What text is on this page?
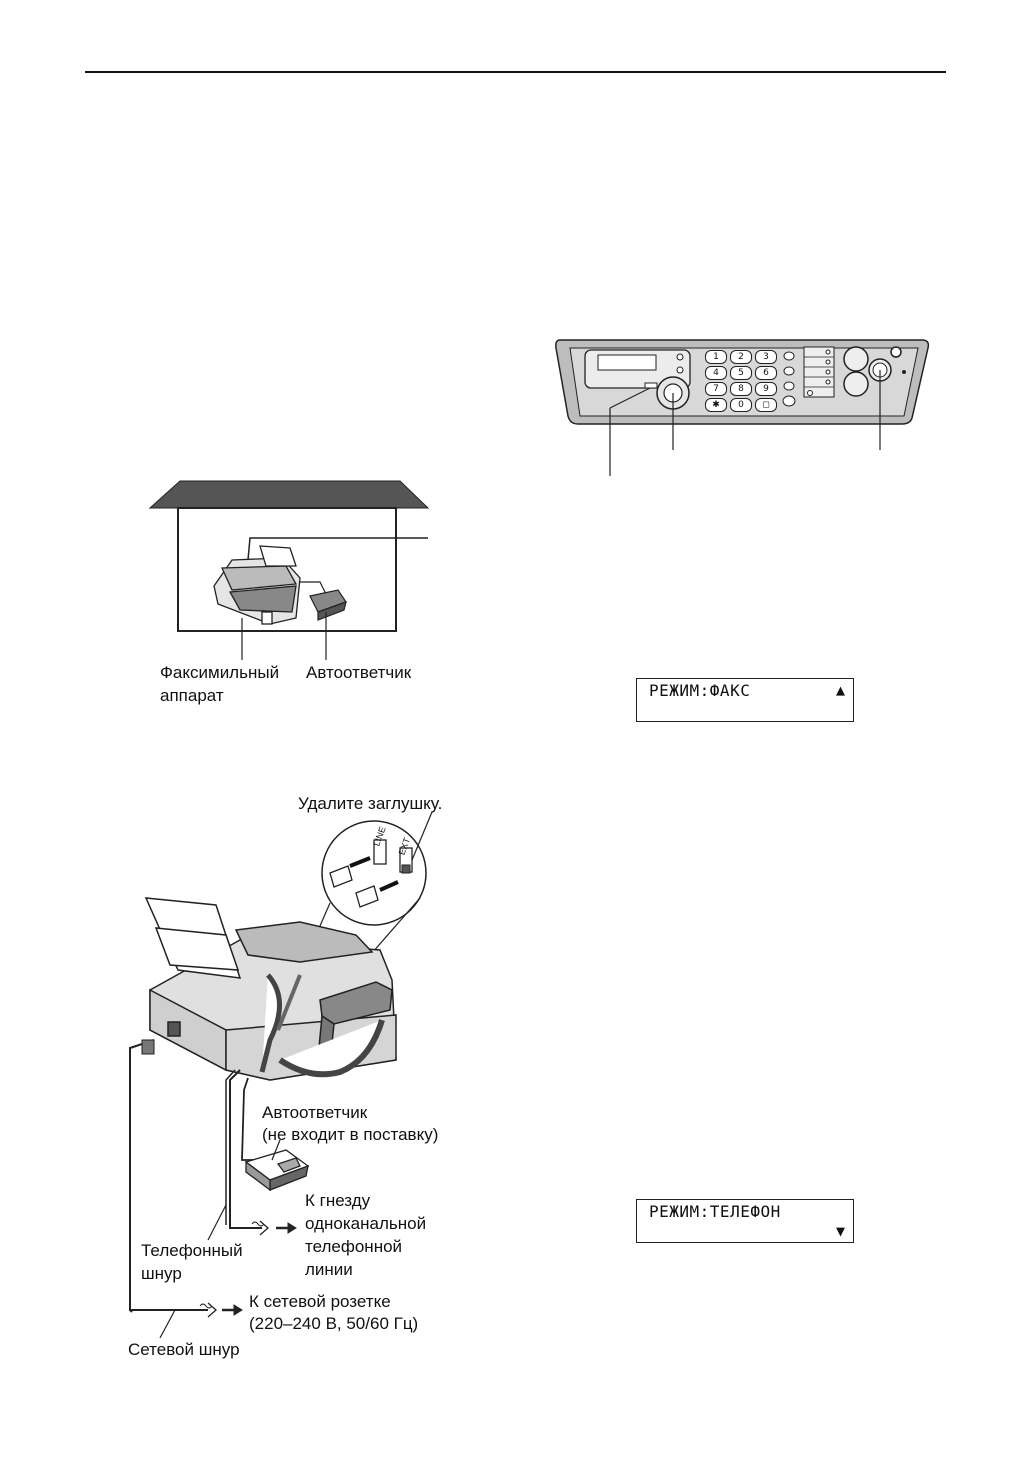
Факсимильный
аппарат
Автоответчик
Удалите заглушку.
LINE EXT
Автоответчик
(не входит в поставку)
К гнезду
одноканальной
телефонной
линии
Телефонный
шнур
К сетевой розетке
(220–240 В, 50/60 Гц)
Сетевой шнур
1	2	3
4	5	6
7	8	9
✱	0	◻
РЕЖИМ:ФАКС	▲
РЕЖИМ:ТЕЛЕФОН
▼
